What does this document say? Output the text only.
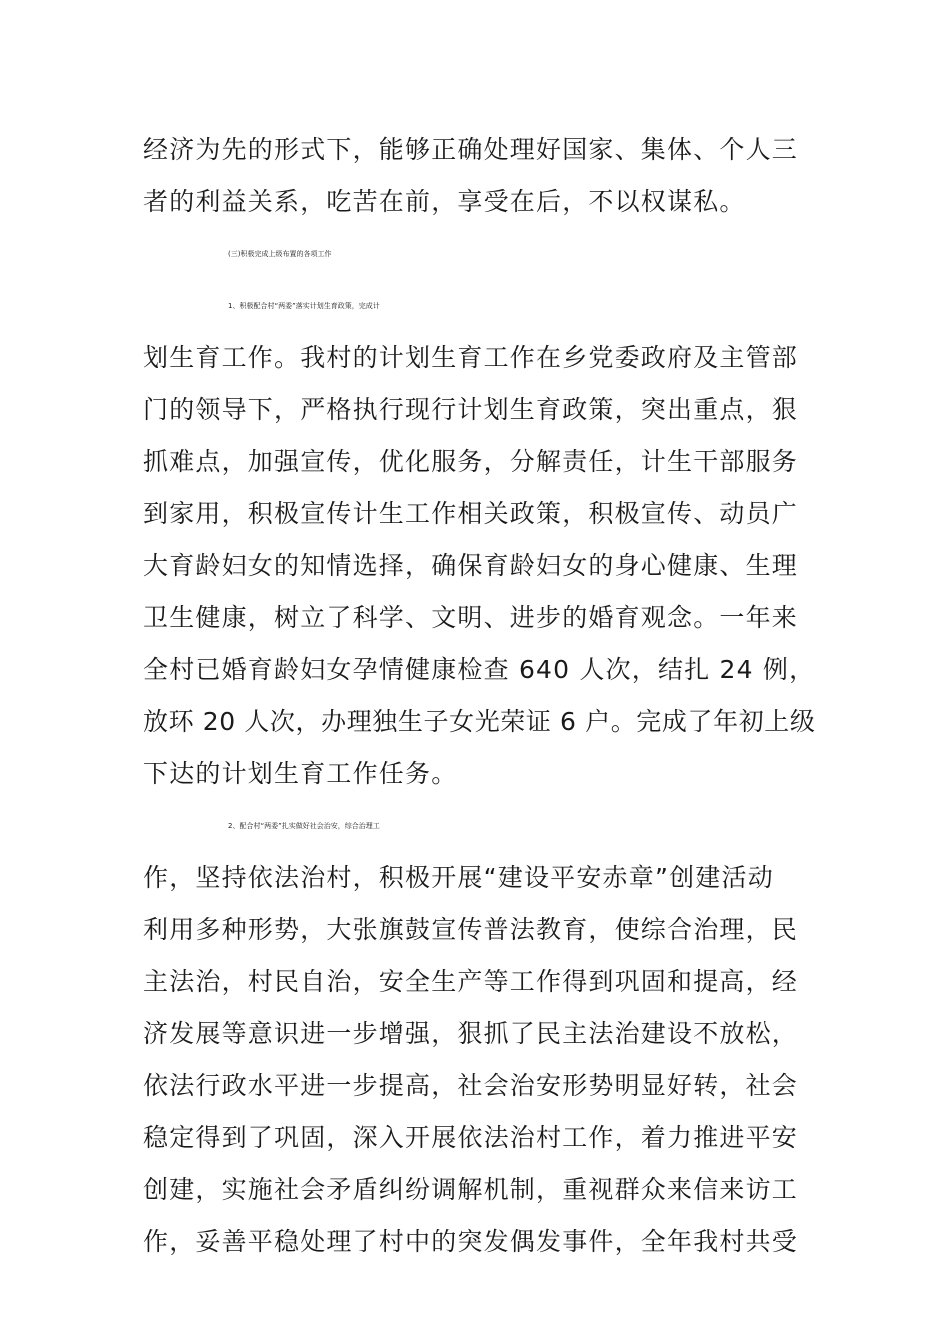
经济为先的形式下，能够正确处理好国家、集体、个人三
者的利益关系，吃苦在前，享受在后，不以权谋私。
(三)积极完成上级布置的各项工作
1、积极配合村“两委”落实计划生育政策，完成计
划生育工作。我村的计划生育工作在乡党委政府及主管部
门的领导下，严格执行现行计划生育政策，突出重点，狠
抓难点，加强宣传，优化服务，分解责任，计生干部服务
到家用，积极宣传计生工作相关政策，积极宣传、动员广
大育龄妇女的知情选择，确保育龄妇女的身心健康、生理
卫生健康，树立了科学、文明、进步的婚育观念。一年来
全村已婚育龄妇女孕情健康检查 640 人次，结扎 24 例，
放环 20 人次，办理独生子女光荣证 6 户。完成了年初上级
下达的计划生育工作任务。
2、配合村“两委”扎实做好社会治安，综合治理工
作，坚持依法治村，积极开展“建设平安赤章”创建活动
利用多种形势，大张旗鼓宣传普法教育，使综合治理，民
主法治，村民自治，安全生产等工作得到巩固和提高，经
济发展等意识进一步增强，狠抓了民主法治建设不放松，
依法行政水平进一步提高，社会治安形势明显好转，社会
稳定得到了巩固，深入开展依法治村工作，着力推进平安
创建，实施社会矛盾纠纷调解机制，重视群众来信来访工
作，妥善平稳处理了村中的突发偶发事件，全年我村共受
